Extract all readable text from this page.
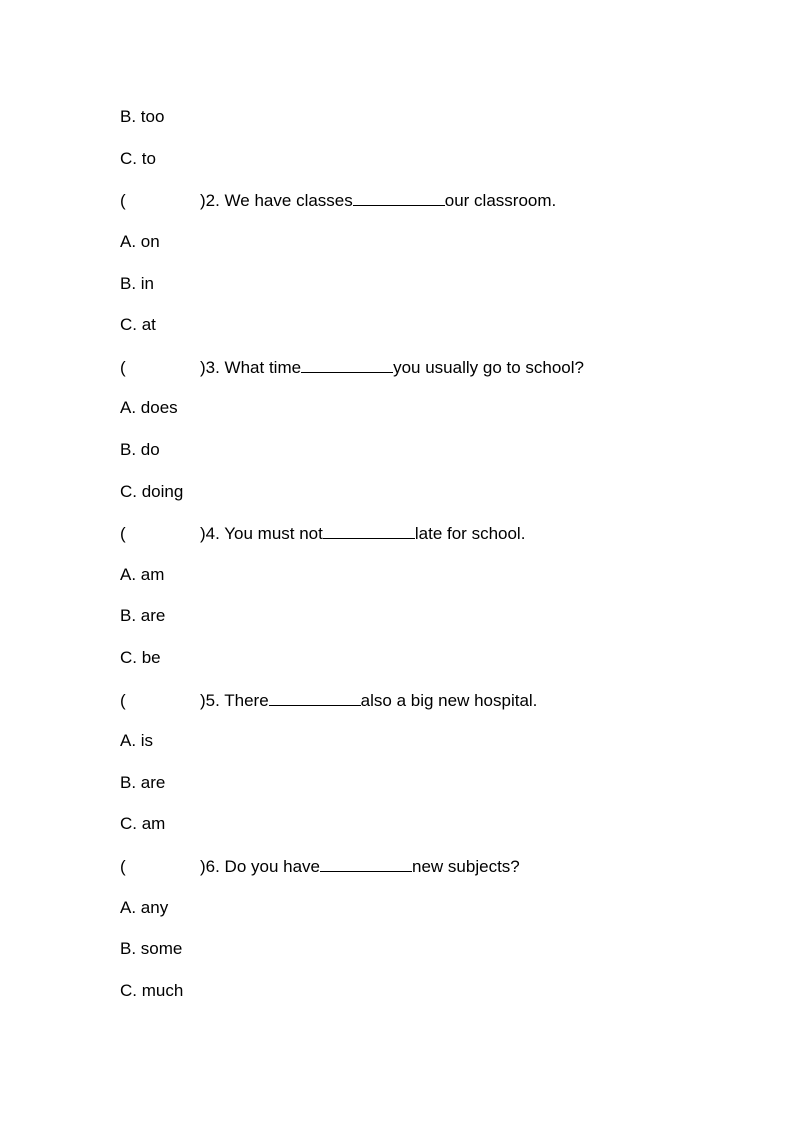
B. too
C. to
(	)2. We have classes	our classroom.
A. on
B. in
C. at
(	)3. What time	you usually go to school?
A. does
B. do
C. doing
(	)4. You must not	late for school.
A. am
B. are
C. be
(	)5. There	also a big new hospital.
A. is
B. are
C. am
(	)6. Do you have	new subjects?
A. any
B. some
C. much
